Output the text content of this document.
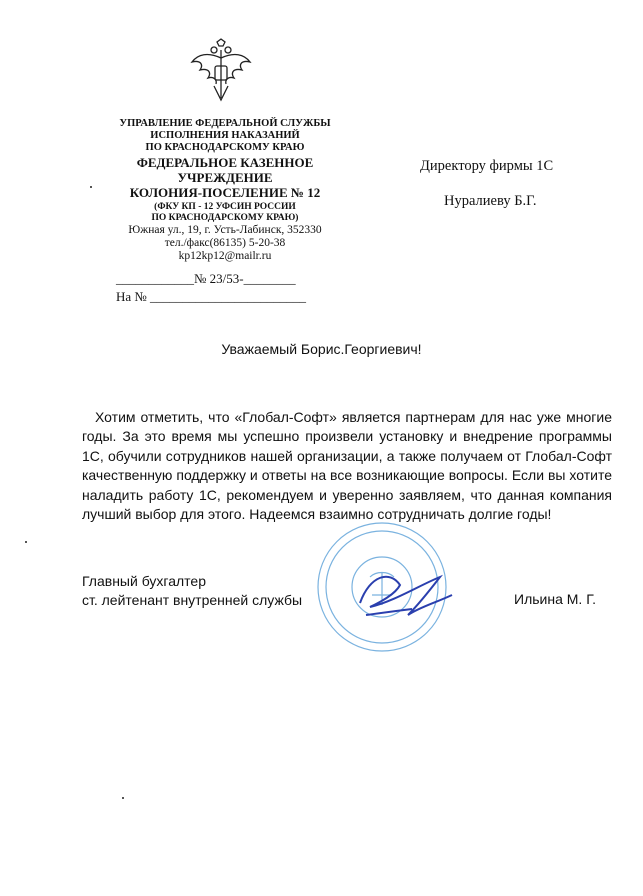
УПРАВЛЕНИЕ ФЕДЕРАЛЬНОЙ СЛУЖБЫ
ИСПОЛНЕНИЯ НАКАЗАНИЙ
ПО КРАСНОДАРСКОМУ КРАЮ
ФЕДЕРАЛЬНОЕ КАЗЕННОЕ
УЧРЕЖДЕНИЕ
КОЛОНИЯ-ПОСЕЛЕНИЕ № 12
(ФКУ КП - 12 УФСИН РОССИИ
ПО КРАСНОДАРСКОМУ КРАЮ)
Южная ул., 19, г. Усть-Лабинск, 352330
тел./факс(86135) 5-20-38
kp12kp12@mailr.ru
____________№ 23/53-________
На № ________________________
Директору фирмы 1С
Нуралиеву Б.Г.
Уважаемый Борис.Георгиевич!
Хотим отметить, что «Глобал-Софт» является партнерам для нас уже многие годы. За это время мы успешно произвели установку и внедрение программы 1С, обучили сотрудников нашей организации, а также получаем от Глобал-Софт качественную поддержку и ответы на все возникающие вопросы. Если вы хотите наладить работу 1С, рекомендуем и уверенно заявляем, что данная компания лучший выбор для этого. Надеемся взаимно сотрудничать долгие годы!
Главный бухгалтер
ст. лейтенант внутренней службы	Ильина М. Г.
